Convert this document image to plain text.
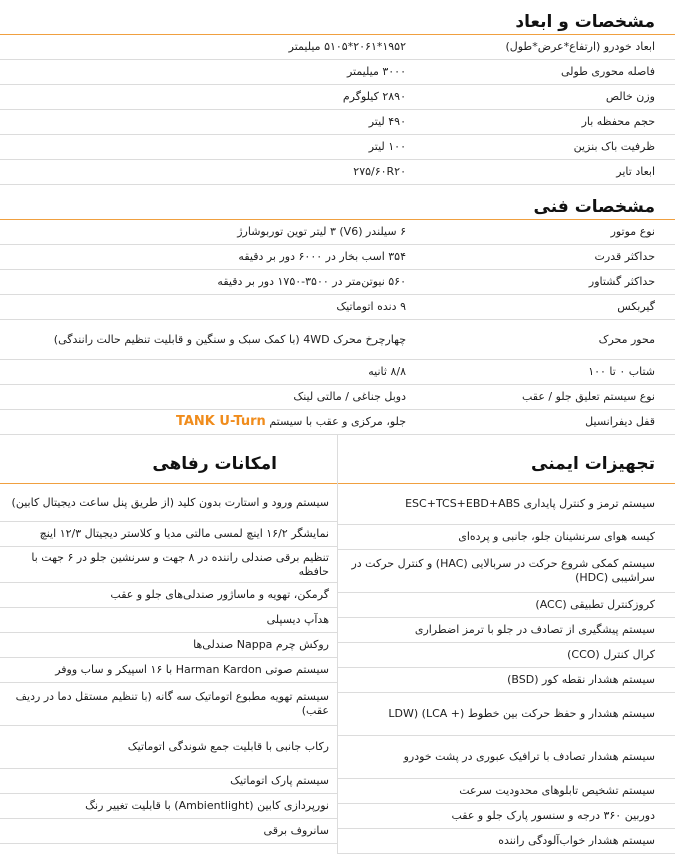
مشخصات و ابعاد
ابعاد خودرو (ارتفاع*عرض*طول)	۱۹۵۲*۲۰۶۱*۵۱۰۵ میلیمتر
فاصله محوری طولی	۳۰۰۰ میلیمتر
وزن خالص	۲۸۹۰ کیلوگرم
حجم محفظه بار	۴۹۰ لیتر
ظرفیت باک بنزین	۱۰۰ لیتر
ابعاد تایر	۲۷۵/۶۰R۲۰
مشخصات فنی
نوع موتور	۶ سیلندر (V6) ۳ لیتر توین توربوشارژ
حداکثر قدرت	۳۵۴ اسب بخار در ۶۰۰۰ دور بر دقیقه
حداکثر گشتاور	۵۶۰ نیوتن‌متر در ۳۵۰۰-۱۷۵۰ دور بر دقیقه
گیربکس	۹ دنده اتوماتیک
محور محرک	چهارچرخ محرک 4WD (با کمک سبک و سنگین و قابلیت تنظیم حالت رانندگی)
شتاب ۰ تا ۱۰۰	۸/۸ ثانیه
نوع سیستم تعلیق جلو / عقب	دوبل جناغی / مالتی لینک
قفل دیفرانسیل	جلو، مرکزی و عقب با سیستم TANK U-Turn
تجهیزات ایمنی
سیستم ترمز و کنترل پایداری ESC+TCS+EBD+ABS
کیسه هوای سرنشینان جلو، جانبی و پرده‌ای
سیستم کمکی شروع حرکت در سربالایی (HAC) و کنترل حرکت در سراشیبی (HDC)
کروزکنترل تطبیقی (ACC)
سیستم پیشگیری از تصادف در جلو با ترمز اضطراری
کرال کنترل (CCO)
سیستم هشدار نقطه کور (BSD)
سیستم هشدار و حفظ حرکت بین خطوط (+ LCA) (LDW
سیستم هشدار تصادف با ترافیک عبوری در پشت خودرو
سیستم تشخیص تابلوهای محدودیت سرعت
دوربین ۳۶۰ درجه و سنسور پارک جلو و عقب
سیستم هشدار خواب‌آلودگی راننده
امکانات رفاهی
سیستم ورود و استارت بدون کلید (از طریق پنل ساعت دیجیتال کابین)
نمایشگر ۱۶/۲ اینچ لمسی مالتی مدیا و کلاستر دیجیتال ۱۲/۳ اینچ
تنظیم برقی صندلی راننده در ۸ جهت و سرنشین جلو در ۶ جهت با حافظه
گرمکن، تهویه و ماساژور صندلی‌های جلو و عقب
هدآپ دیسپلی
روکش چرم Nappa صندلی‌ها
سیستم صوتی Harman Kardon با ۱۶ اسپیکر و ساب ووفر
سیستم تهویه مطبوع اتوماتیک سه گانه (با تنظیم مستقل دما در ردیف عقب)
رکاب جانبی با قابلیت جمع شوندگی اتوماتیک
سیستم پارک اتوماتیک
نورپردازی کابین (Ambientlight) با قابلیت تغییر رنگ
سانروف برقی
